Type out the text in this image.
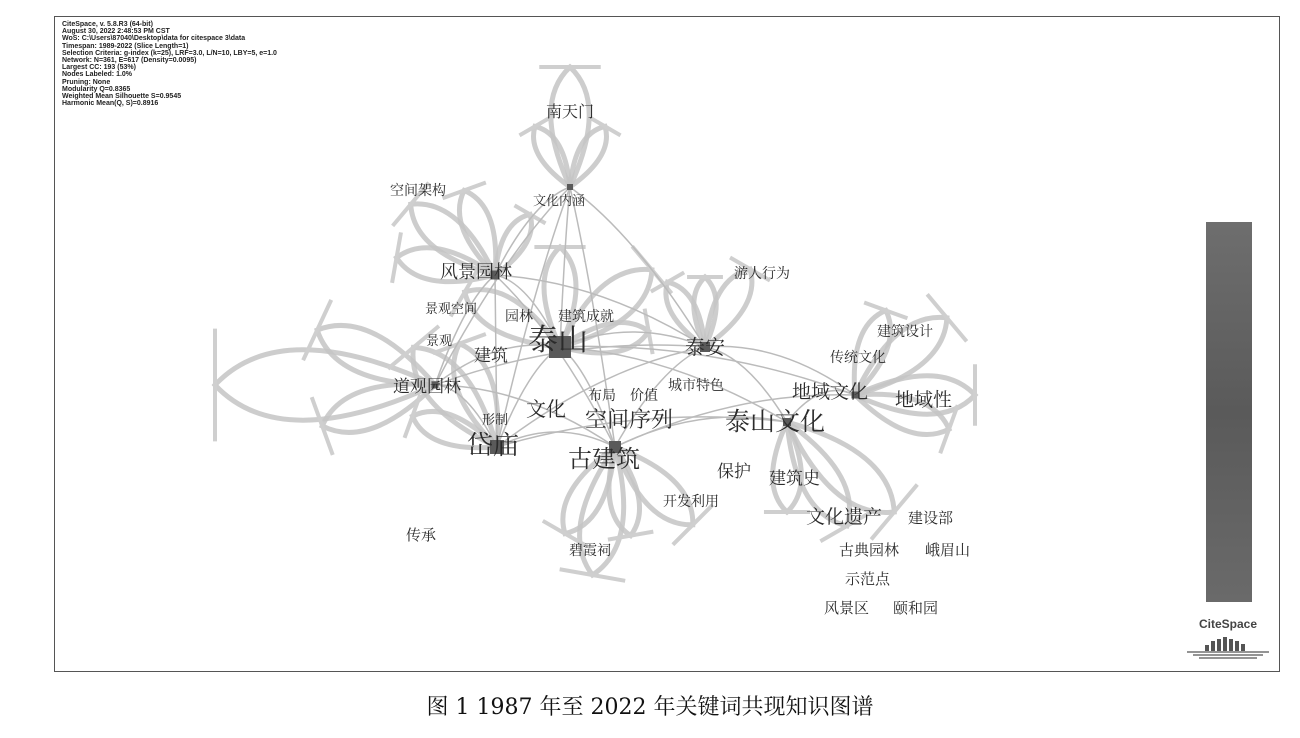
CiteSpace, v. 5.8.R3 (64-bit)
August 30, 2022 2:48:53 PM CST
WoS: C:\Users\87040\Desktop\data for citespace 3\data
Timespan: 1989-2022 (Slice Length=1)
Selection Criteria: g-index (k=25), LRF=3.0, L/N=10, LBY=5, e=1.0
Network: N=361, E=617 (Density=0.0095)
Largest CC: 193 (53%)
Nodes Labeled: 1.0%
Pruning: None
Modularity Q=0.8365
Weighted Mean Silhouette S=0.9545
Harmonic Mean(Q, S)=0.8916	南天门
空间架构
文化内涵
风景园林
景观空间 园林 建筑成就
泰山
景观
建筑
道观园林
文化
布局 价值
空间序列
形制
岱庙 古建筑
游人行为
泰安
城市特色
建筑设计
传统文化
地域文化 地域性
泰山文化
保护 建筑史
开发利用
文化遗产 建设部
传承
碧霞祠	古典园林 峨眉山
示范点
风景区 颐和园
CiteSpace
图 1 1987 年至 2022 年关键词共现知识图谱
